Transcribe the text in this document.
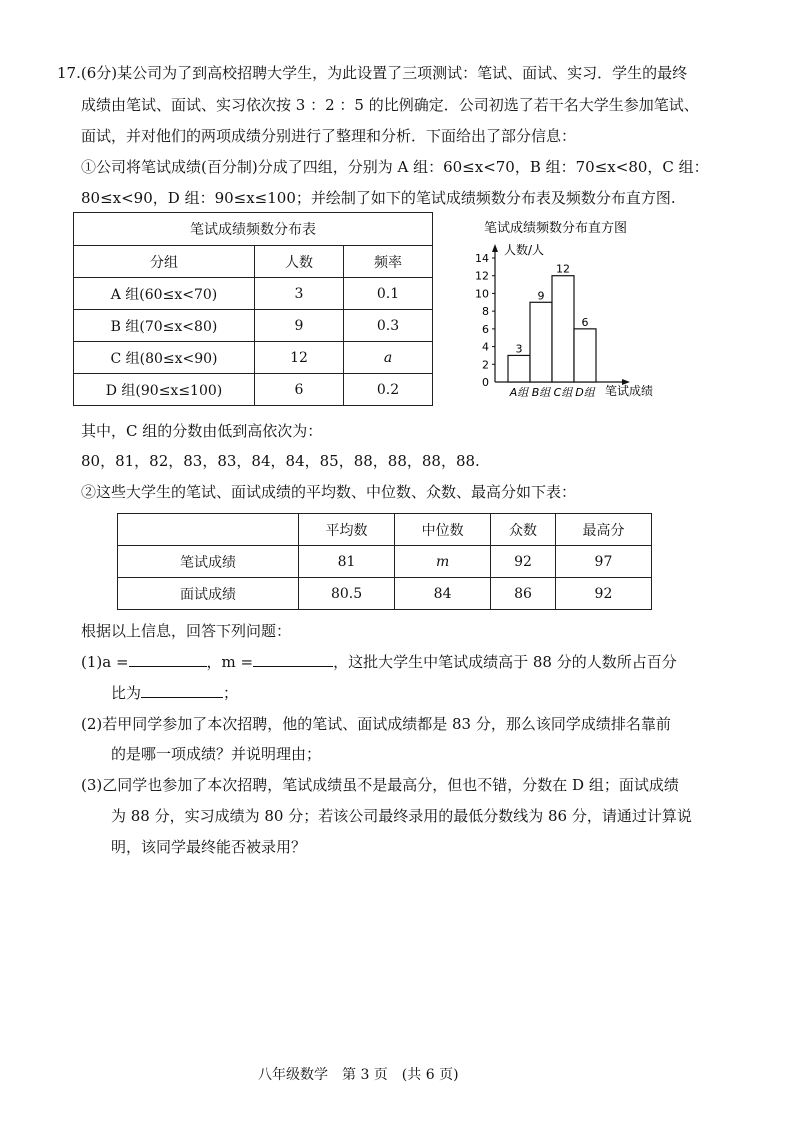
17.(6分)某公司为了到高校招聘大学生，为此设置了三项测试：笔试、面试、实习．学生的最终
成绩由笔试、面试、实习依次按 3 ：2 ：5 的比例确定．公司初选了若干名大学生参加笔试、
面试，并对他们的两项成绩分别进行了整理和分析．下面给出了部分信息：
①公司将笔试成绩(百分制)分成了四组，分别为 A 组：60≤x<70，B 组：70≤x<80，C 组：
80≤x<90，D 组：90≤x≤100；并绘制了如下的笔试成绩频数分布表及频数分布直方图.
笔试成绩频数分布表		
分组	人数	频率
A 组(60≤x<70)	3	0.1
B 组(70≤x<80)	9	0.3
C 组(80≤x<90)	12	a
D 组(90≤x≤100)	6	0.2
笔试成绩频数分布直方图
人数/人
笔试成绩
0
2
4
6
8
10
12
14
3
A组
9
B组
12
C组
6
D组
其中，C 组的分数由低到高依次为：
80，81，82，83，83，84，84，85，88，88，88，88.
②这些大学生的笔试、面试成绩的平均数、中位数、众数、最高分如下表：
	平均数	中位数	众数	最高分
笔试成绩	81	m	92	97
面试成绩	80.5	84	86	92
根据以上信息，回答下列问题：
(1)a =	，m =	，这批大学生中笔试成绩高于 88 分的人数所占百分
比为	；
(2)若甲同学参加了本次招聘，他的笔试、面试成绩都是 83 分，那么该同学成绩排名靠前
的是哪一项成绩？并说明理由；
(3)乙同学也参加了本次招聘，笔试成绩虽不是最高分，但也不错，分数在 D 组；面试成绩
为 88 分，实习成绩为 80 分；若该公司最终录用的最低分数线为 86 分，请通过计算说
明，该同学最终能否被录用？
八年级数学　第 3 页　(共 6 页)
